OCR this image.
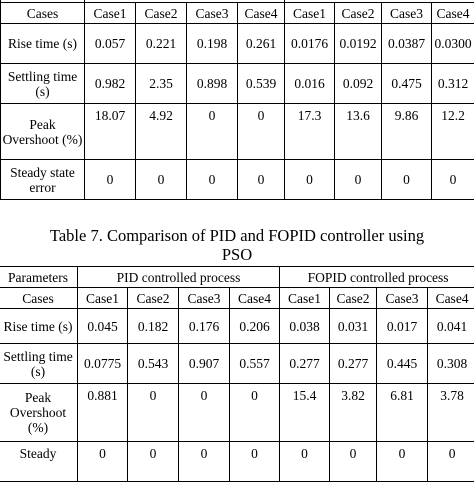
Cases	Case1	Case2	Case3	Case4	Case1	Case2	Case3	Case4
Rise time (s)	0.057	0.221	0.198	0.261	0.0176	0.0192	0.0387	0.0300
Settling time (s)	0.982	2.35	0.898	0.539	0.016	0.092	0.475	0.312
Peak Overshoot (%)	18.07	4.92	0	0	17.3	13.6	9.86	12.2
Steady state error	0	0	0	0	0	0	0	0
Table 7. Comparison of PID and FOPID controller using
PSO
Parameters	PID controlled process				FOPID controlled process			
Cases	Case1	Case2	Case3	Case4	Case1	Case2	Case3	Case4
Rise time (s)	0.045	0.182	0.176	0.206	0.038	0.031	0.017	0.041
Settling time (s)	0.0775	0.543	0.907	0.557	0.277	0.277	0.445	0.308
Peak Overshoot (%)	0.881	0	0	0	15.4	3.82	6.81	3.78
Steady	0	0	0	0	0	0	0	0
